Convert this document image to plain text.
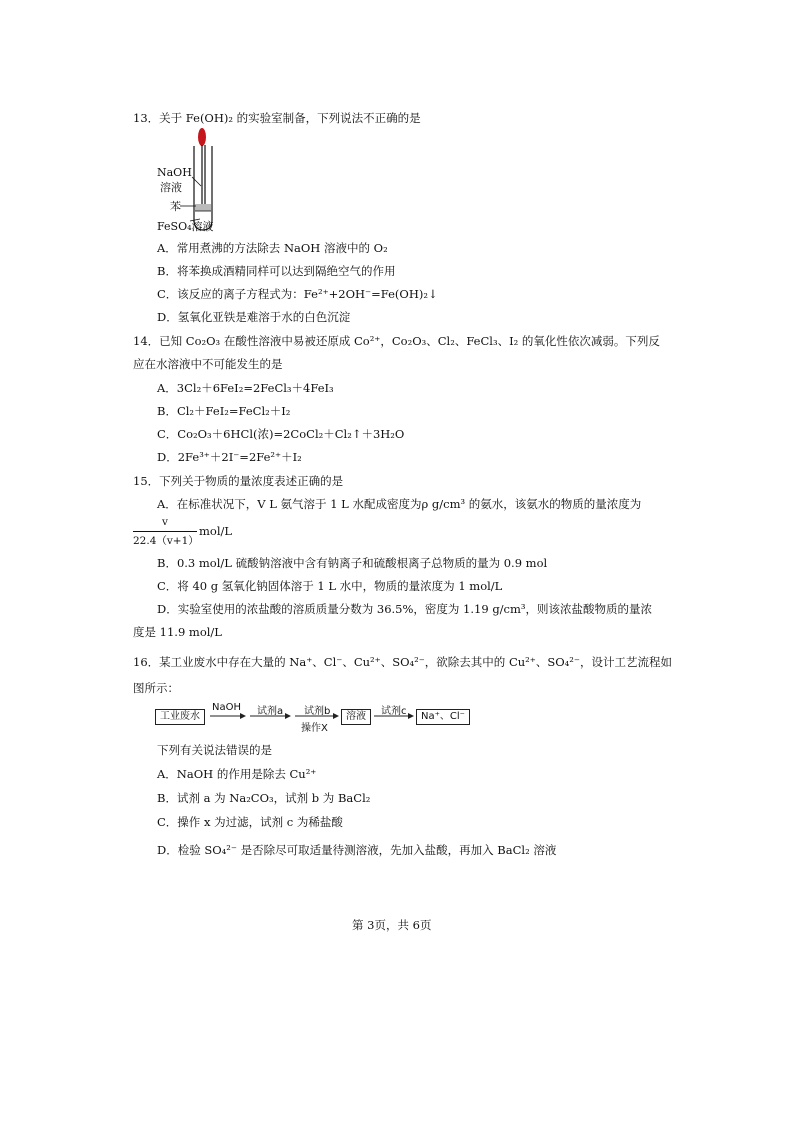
13．关于 Fe(OH)₂ 的实验室制备，下列说法不正确的是
NaOH
溶液
苯
FeSO₄溶液
A．常用煮沸的方法除去 NaOH 溶液中的 O₂
B．将苯换成酒精同样可以达到隔绝空气的作用
C．该反应的离子方程式为：Fe²⁺+2OH⁻=Fe(OH)₂↓
D．氢氧化亚铁是难溶于水的白色沉淀
14．已知 Co₂O₃ 在酸性溶液中易被还原成 Co²⁺，Co₂O₃、Cl₂、FeCl₃、I₂ 的氧化性依次减弱。下列反
应在水溶液中不可能发生的是
A．3Cl₂＋6FeI₂=2FeCl₃＋4FeI₃
B．Cl₂＋FeI₂=FeCl₂＋I₂
C．Co₂O₃＋6HCl(浓)=2CoCl₂＋Cl₂↑＋3H₂O
D．2Fe³⁺＋2I⁻=2Fe²⁺＋I₂
15．下列关于物质的量浓度表述正确的是
A．在标准状况下，V L 氨气溶于 1 L 水配成密度为ρ g/cm³ 的氨水，该氨水的物质的量浓度为
v
22.4（v+1）
mol/L
B．0.3 mol/L 硫酸钠溶液中含有钠离子和硫酸根离子总物质的量为 0.9 mol
C．将 40 g 氢氧化钠固体溶于 1 L 水中，物质的量浓度为 1 mol/L
D．实验室使用的浓盐酸的溶质质量分数为 36.5%，密度为 1.19 g/cm³，则该浓盐酸物质的量浓
度是 11.9 mol/L
16．某工业废水中存在大量的 Na⁺、Cl⁻、Cu²⁺、SO₄²⁻，欲除去其中的 Cu²⁺、SO₄²⁻，设计工艺流程如
图所示：
工业废水
NaOH 试剂a 试剂b
操作X
溶液	试剂c	Na⁺、Cl⁻
下列有关说法错误的是
A．NaOH 的作用是除去 Cu²⁺
B．试剂 a 为 Na₂CO₃，试剂 b 为 BaCl₂
C．操作 x 为过滤，试剂 c 为稀盐酸
D．检验 SO₄²⁻ 是否除尽可取适量待测溶液，先加入盐酸，再加入 BaCl₂ 溶液
第 3页，共 6页
